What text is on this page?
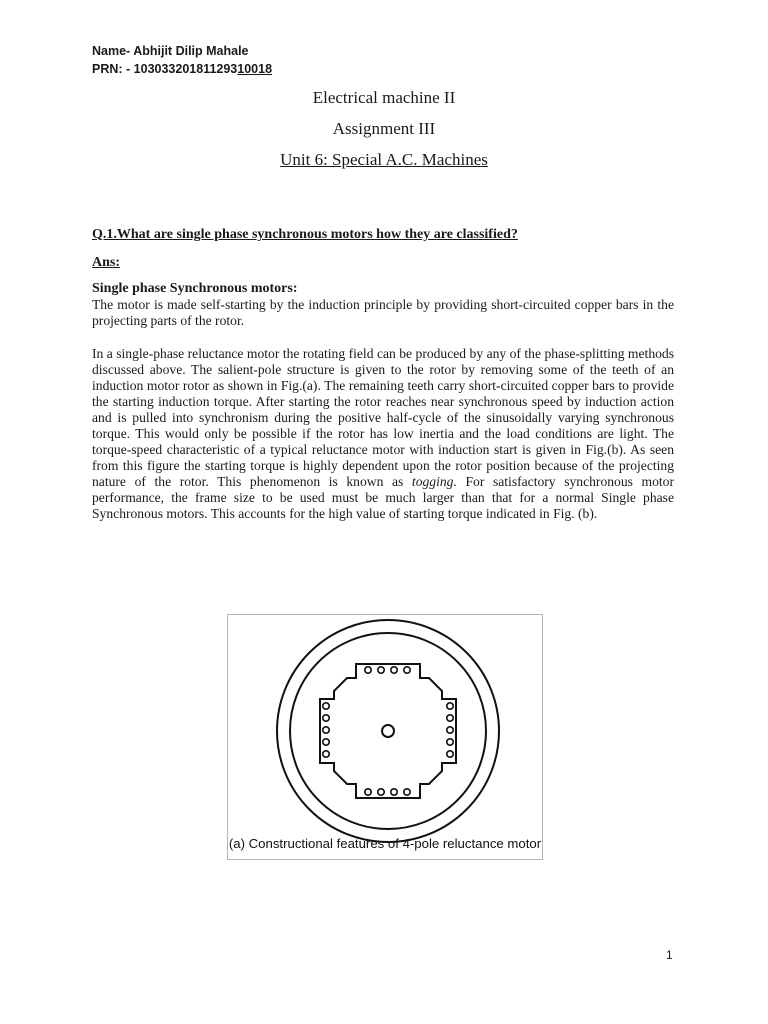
Name- Abhijit Dilip Mahale
PRN: - 10303320181129310018
Electrical machine II
Assignment III
Unit 6: Special A.C. Machines
Q.1.What are single phase synchronous motors how they are classified?
Ans:
Single phase Synchronous motors:
The motor is made self-starting by the induction principle by providing short-circuited copper bars in the projecting parts of the rotor.
In a single-phase reluctance motor the rotating field can be produced by any of the phase-splitting methods discussed above. The salient-pole structure is given to the rotor by removing some of the teeth of an induction motor rotor as shown in Fig.(a). The remaining teeth carry short-circuited copper bars to provide the starting induction torque. After starting the rotor reaches near synchronous speed by induction action and is pulled into synchronism during the positive half-cycle of the sinusoidally varying synchronous torque. This would only be possible if the rotor has low inertia and the load conditions are light. The torque-speed characteristic of a typical reluctance motor with induction start is given in Fig.(b). As seen from this figure the starting torque is highly dependent upon the rotor position because of the projecting nature of the rotor. This phenomenon is known as togging. For satisfactory synchronous motor performance, the frame size to be used must be much larger than that for a normal Single phase Synchronous motors. This accounts for the high value of starting torque indicated in Fig. (b).
(a) Constructional features of 4-pole reluctance motor
1
